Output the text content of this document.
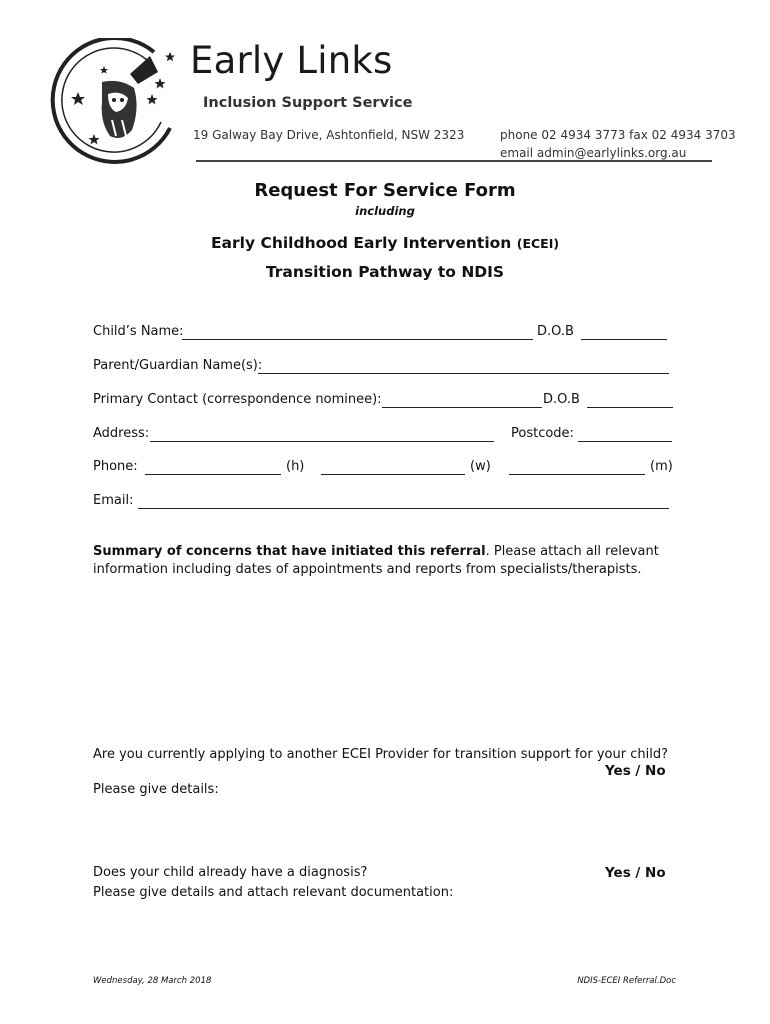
Early Links
Inclusion Support Service
19 Galway Bay Drive, Ashtonfield, NSW 2323	phone 02 4934 3773 fax 02 4934 3703
email admin@earlylinks.org.au
Request For Service Form
including
Early Childhood Early Intervention (ECEI)
Transition Pathway to NDIS
Child’s Name:	D.O.B
Parent/Guardian Name(s):
Primary Contact (correspondence nominee):	D.O.B
Address:	Postcode:
Phone:	(h)	(w)	(m)
Email:
Summary of concerns that have initiated this referral. Please attach all relevant information including dates of appointments and reports from specialists/therapists.
Are you currently applying to another ECEI Provider for transition support for your child?
Yes / No
Please give details:
Does your child already have a diagnosis?	Yes / No
Please give details and attach relevant documentation:
Wednesday, 28 March 2018	NDIS-ECEI Referral.Doc
